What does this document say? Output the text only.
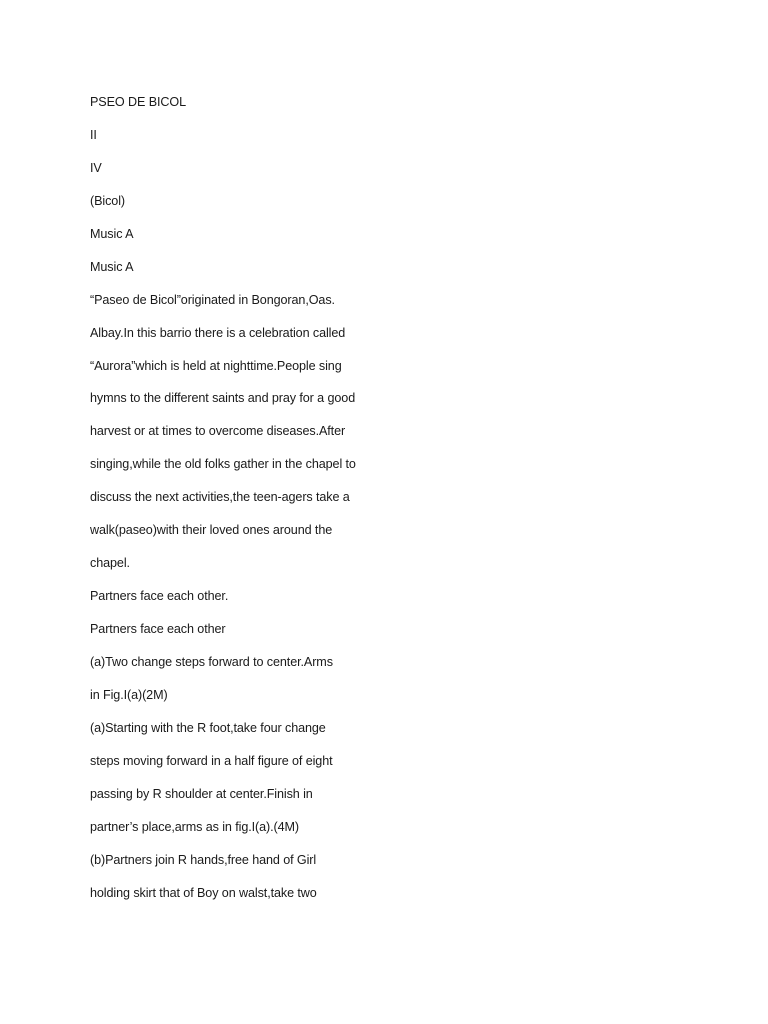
PSEO DE BICOL
II
IV
(Bicol)
Music A
Music A
“Paseo de Bicol”originated in Bongoran,Oas.
Albay.In this barrio there is a celebration called
“Aurora”which is held at nighttime.People sing
hymns to the different saints and pray for a good
harvest or at times to overcome diseases.After
singing,while the old folks gather in the chapel to
discuss the next activities,the teen-agers take a
walk(paseo)with their loved ones around the
chapel.
Partners face each other.
Partners face each other
(a)Two change steps forward to center.Arms
in Fig.I(a)(2M)
(a)Starting with the R foot,take four change
steps moving forward in a half figure of eight
passing by R shoulder at center.Finish in
partner’s place,arms as in fig.I(a).(4M)
(b)Partners join R hands,free hand of Girl
holding skirt that of Boy on walst,take two
